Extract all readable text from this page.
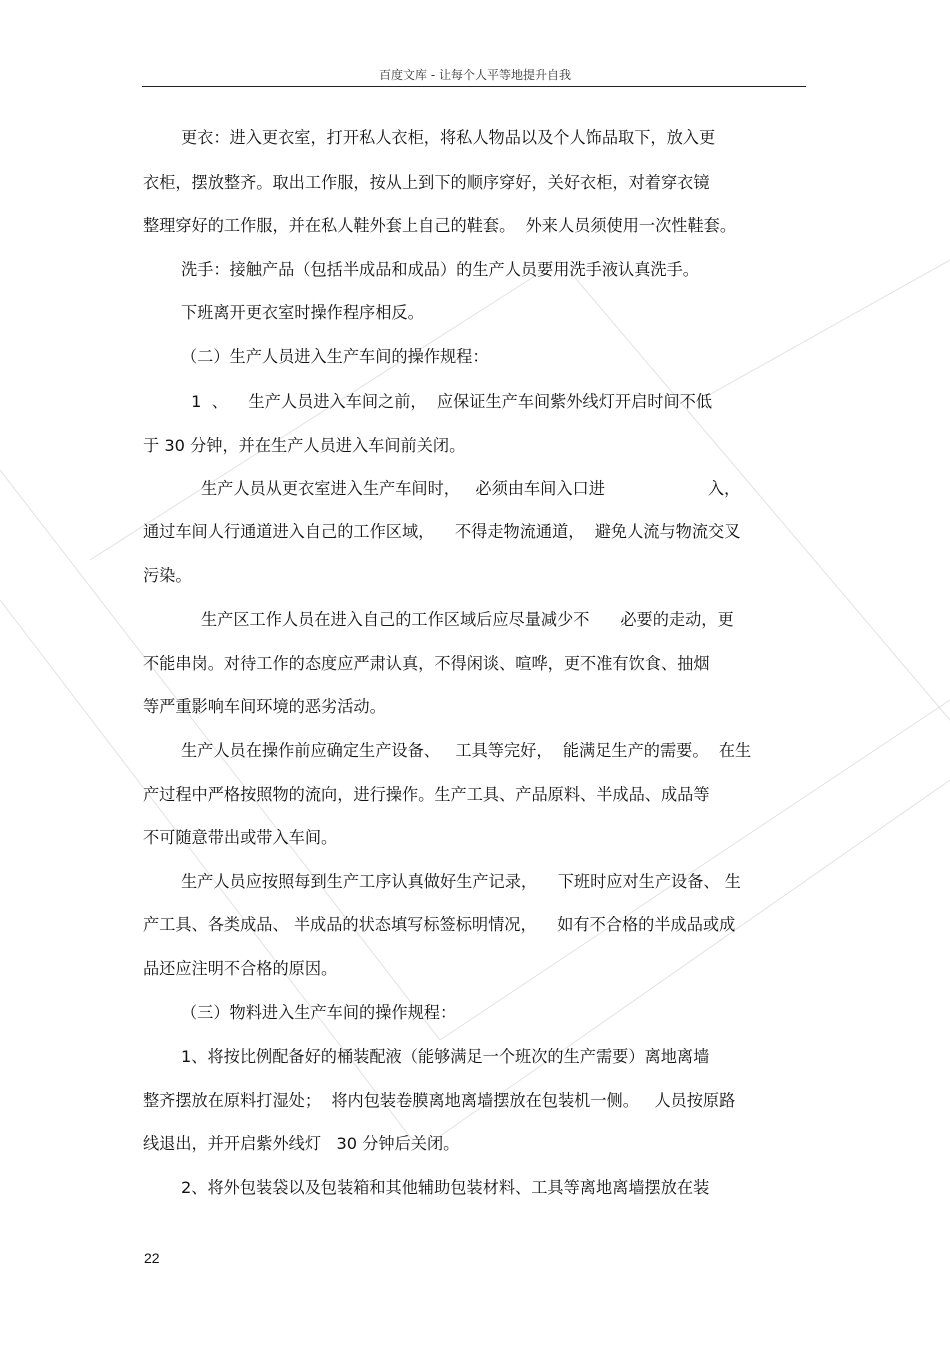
百度文库 - 让每个人平等地提升自我
更衣：进入更衣室，打开私人衣柜，将私人物品以及个人饰品取下，放入更
衣柜，摆放整齐。取出工作服，按从上到下的顺序穿好，关好衣柜，对着穿衣镜
整理穿好的工作服，并在私人鞋外套上自己的鞋套。  外来人员须使用一次性鞋套。
洗手：接触产品（包括半成品和成品）的生产人员要用洗手液认真洗手。
下班离开更衣室时操作程序相反。
（二）生产人员进入生产车间的操作规程：
1  、    生产人员进入车间之前，  应保证生产车间紫外线灯开启时间不低
于 30 分钟，并在生产人员进入车间前关闭。
生产人员从更衣室进入生产车间时，   必须由车间入口进                    入，
通过车间人行通道进入自己的工作区域，    不得走物流通道，  避免人流与物流交叉
污染。
生产区工作人员在进入自己的工作区域后应尽量减少不      必要的走动，更
不能串岗。对待工作的态度应严肃认真，不得闲谈、喧哗，更不准有饮食、抽烟
等严重影响车间环境的恶劣活动。
生产人员在操作前应确定生产设备、   工具等完好，  能满足生产的需要。  在生
产过程中严格按照物的流向，进行操作。生产工具、产品原料、半成品、成品等
不可随意带出或带入车间。
生产人员应按照每到生产工序认真做好生产记录，    下班时应对生产设备、 生
产工具、各类成品、 半成品的状态填写标签标明情况，    如有不合格的半成品或成
品还应注明不合格的原因。
（三）物料进入生产车间的操作规程：
1、将按比例配备好的桶装配液（能够满足一个班次的生产需要）离地离墙
整齐摆放在原料打湿处；  将内包装卷膜离地离墙摆放在包装机一侧。   人员按原路
线退出，并开启紫外线灯   30 分钟后关闭。
2、将外包装袋以及包装箱和其他辅助包装材料、工具等离地离墙摆放在装
22
